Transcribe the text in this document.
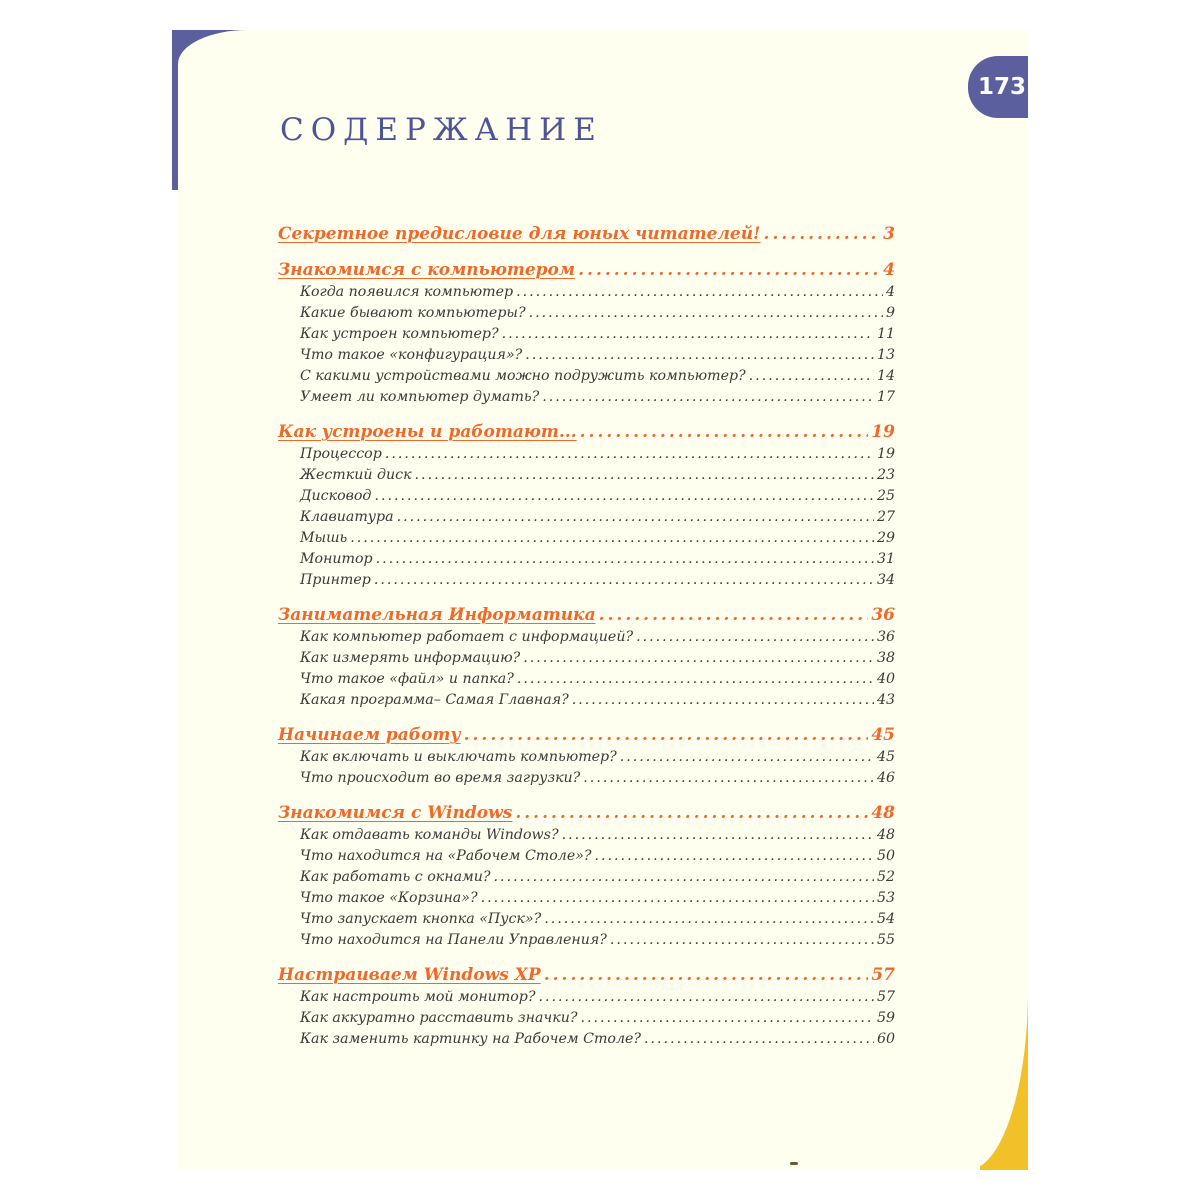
173
СОДЕРЖАНИЕ
Секретное предисловие для юных читателей! .....	3
Знакомимся с компьютером .....	4
Когда появился компьютер .....	4
Какие бывают компьютеры? .....	9
Как устроен компьютер? .....	11
Что такое «конфигурация»? .....	13
С какими устройствами можно подружить компьютер? .....	14
Умеет ли компьютер думать? .....	17
Как устроены и работают... .....	19
Процессор .....	19
Жесткий диск .....	23
Дисковод .....	25
Клавиатура .....	27
Мышь .....	29
Монитор .....	31
Принтер .....	34
Занимательная Информатика .....	36
Как компьютер работает с информацией? .....	36
Как измерять информацию? .....	38
Что такое «файл» и папка? .....	40
Какая программа– Самая Главная? .....	43
Начинаем работу .....	45
Как включать и выключать компьютер? .....	45
Что происходит во время загрузки? .....	46
Знакомимся с Windows .....	48
Как отдавать команды Windows? .....	48
Что находится на «Рабочем Столе»? .....	50
Как работать с окнами? .....	52
Что такое «Корзина»? .....	53
Что запускает кнопка «Пуск»? .....	54
Что находится на Панели Управления? .....	55
Настраиваем Windows XP .....	57
Как настроить мой монитор? .....	57
Как аккуратно расставить значки? .....	59
Как заменить картинку на Рабочем Столе? .....	60
